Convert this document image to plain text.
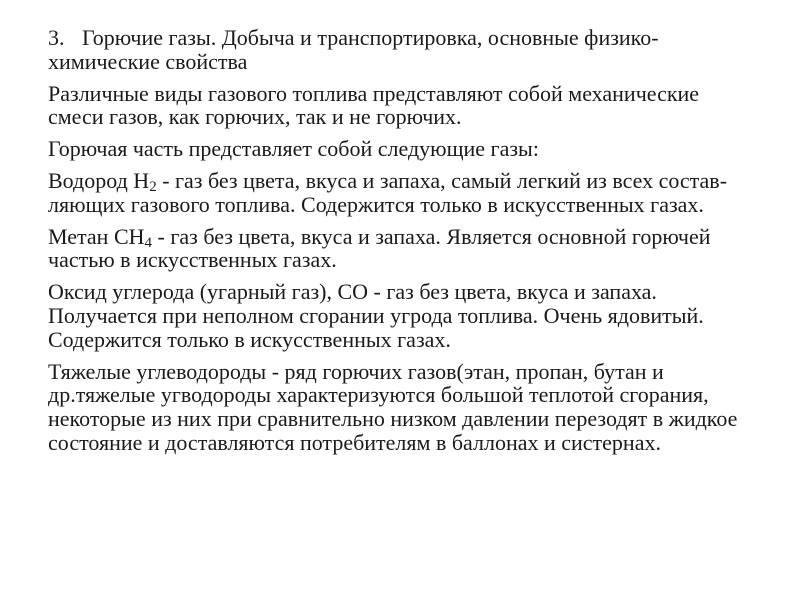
3. Горючие газы. Добыча и транспортировка, основные физико-химические свойства

Различные виды газового топлива представляют собой механические смеси газов, как горючих, так и не горючих.

Горючая часть представляет собой следующие газы:

Водород $H_2$ - газ без цвета, вкуса и запаха, самый легкий из всех состав-ляющих газового топлива. Содержится только в искусственных газах.

Метан $CH_4$ - газ без цвета, вкуса и запаха. Является основной горючей частью в искусственных газах.

Оксид углерода (угарный газ), CO - газ без цвета, вкуса и запаха. Получается при неполном сгорании угрода топлива. Очень ядовитый. Содержится только в искусственных газах.

Тяжелые углеводороды - ряд горючих газов(этан, пропан, бутан и др.тяжелые угводороды характеризуются большой теплотой сгорания, некоторые из них при сравнительно низком давлении перезодят в жидкое состояние и доставляются потребителям в баллонах и систернах.
